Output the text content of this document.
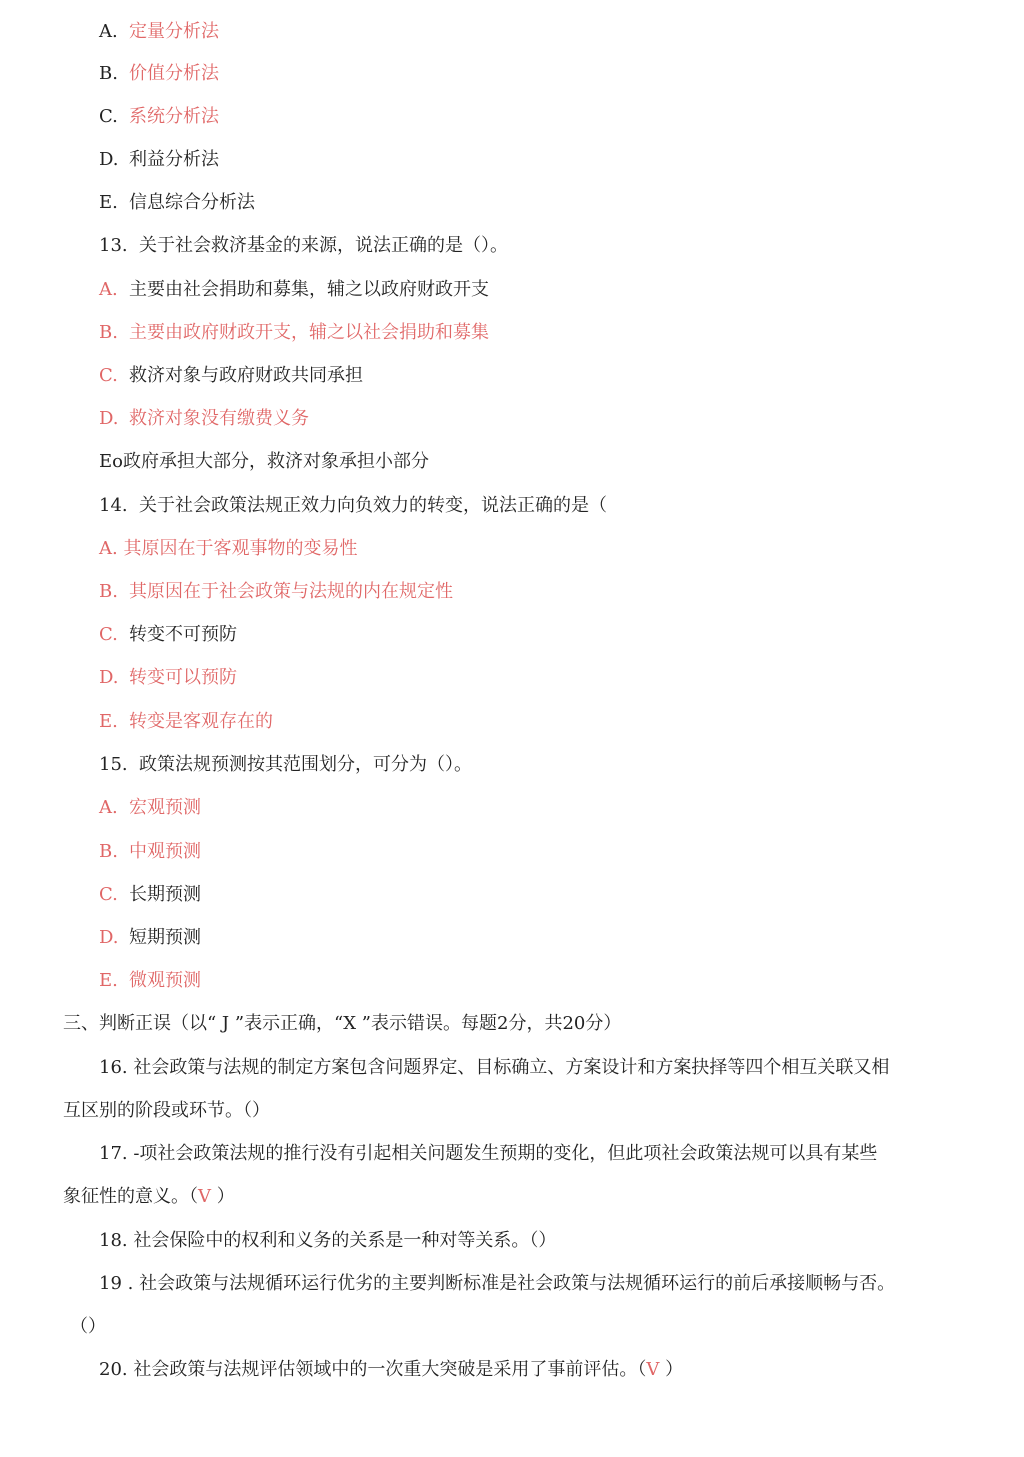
A. 定量分析法
B. 价值分析法
C. 系统分析法
D. 利益分析法
E. 信息综合分析法
13. 关于社会救济基金的来源，说法正确的是（）。
A. 主要由社会捐助和募集，辅之以政府财政开支
B. 主要由政府财政开支，辅之以社会捐助和募集
C. 救济对象与政府财政共同承担
D. 救济对象没有缴费义务
Eo政府承担大部分，救济对象承担小部分
14. 关于社会政策法规正效力向负效力的转变，说法正确的是（
A. 其原因在于客观事物的变易性
B. 其原因在于社会政策与法规的内在规定性
C. 转变不可预防
D. 转变可以预防
E. 转变是客观存在的
15. 政策法规预测按其范围划分，可分为（）。
A. 宏观预测
B. 中观预测
C. 长期预测
D. 短期预测
E. 微观预测
三、判断正误（以“ J ”表示正确，“X ”表示错误。每题2分，共20分）
16. 社会政策与法规的制定方案包含问题界定、目标确立、方案设计和方案抉择等四个相互关联又相
互区别的阶段或环节。（）
17. -项社会政策法规的推行没有引起相关问题发生预期的变化，但此项社会政策法规可以具有某些
象征性的意义。（V ）
18. 社会保险中的权利和义务的关系是一种对等关系。（）
19 . 社会政策与法规循环运行优劣的主要判断标准是社会政策与法规循环运行的前后承接顺畅与否。
（）
20. 社会政策与法规评估领域中的一次重大突破是采用了事前评估。（V ）
